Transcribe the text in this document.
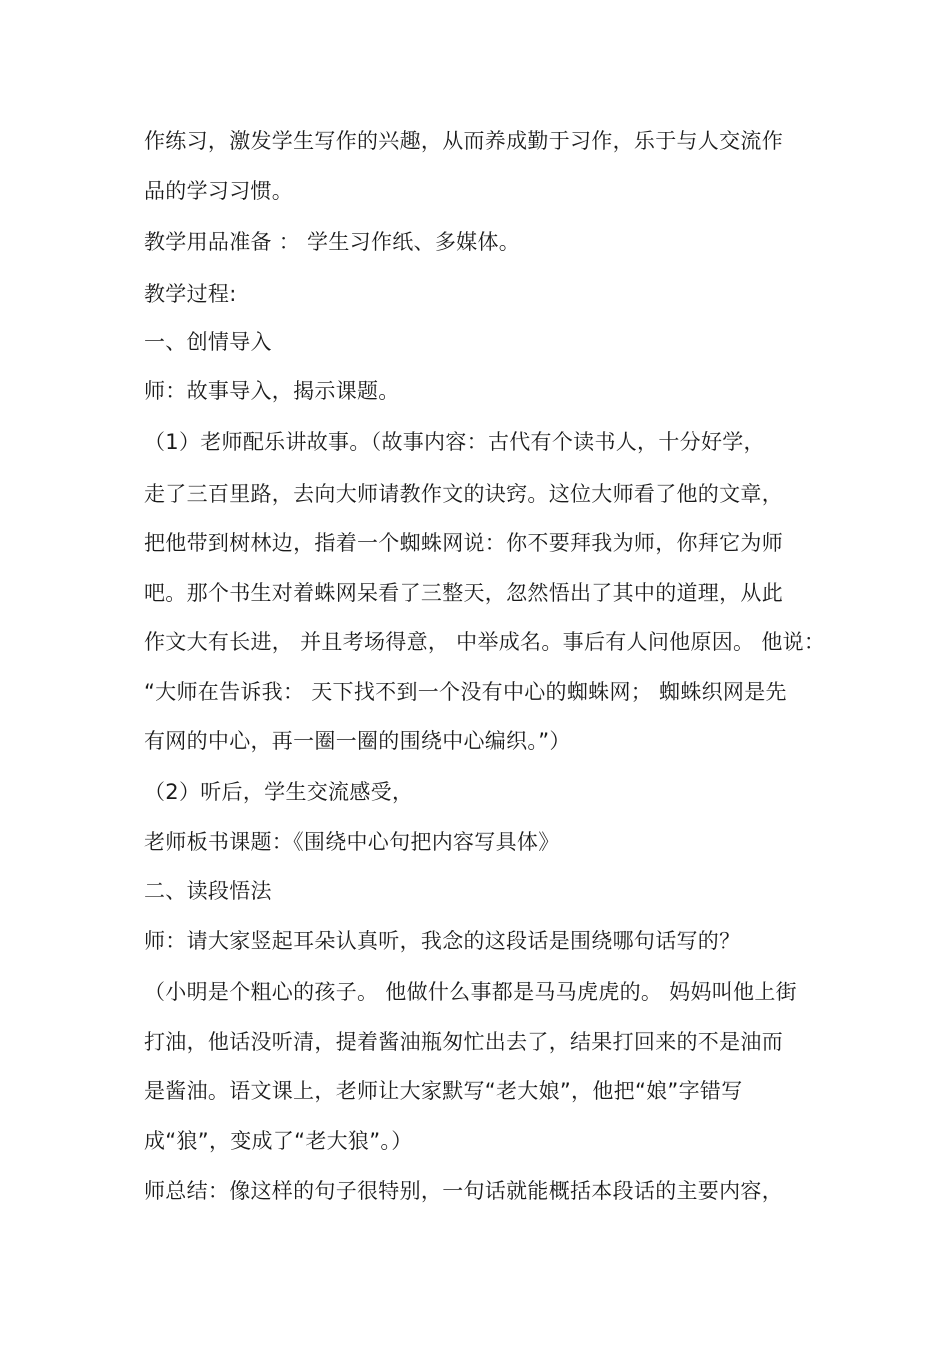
作练习，激发学生写作的兴趣，从而养成勤于习作，乐于与人交流作
品的学习习惯。
教学用品准备 ： 学生习作纸、多媒体。
教学过程:
一、创情导入
师：故事导入，揭示课题。
（1）老师配乐讲故事。（故事内容：古代有个读书人，十分好学，
走了三百里路，去向大师请教作文的诀窍。这位大师看了他的文章，
把他带到树林边，指着一个蜘蛛网说：你不要拜我为师，你拜它为师
吧。那个书生对着蛛网呆看了三整天，忽然悟出了其中的道理，从此
作文大有长进， 并且考场得意， 中举成名。事后有人问他原因。 他说：
“大师在告诉我： 天下找不到一个没有中心的蜘蛛网； 蜘蛛织网是先
有网的中心，再一圈一圈的围绕中心编织。”）
（2）听后，学生交流感受，
老师板书课题：《围绕中心句把内容写具体》
二、读段悟法
师：请大家竖起耳朵认真听，我念的这段话是围绕哪句话写的？
（小明是个粗心的孩子。 他做什么事都是马马虎虎的。 妈妈叫他上街
打油，他话没听清，提着酱油瓶匆忙出去了，结果打回来的不是油而
是酱油。语文课上，老师让大家默写“老大娘”，他把“娘”字错写
成“狼”，变成了“老大狼”。）
师总结：像这样的句子很特别，一句话就能概括本段话的主要内容，
